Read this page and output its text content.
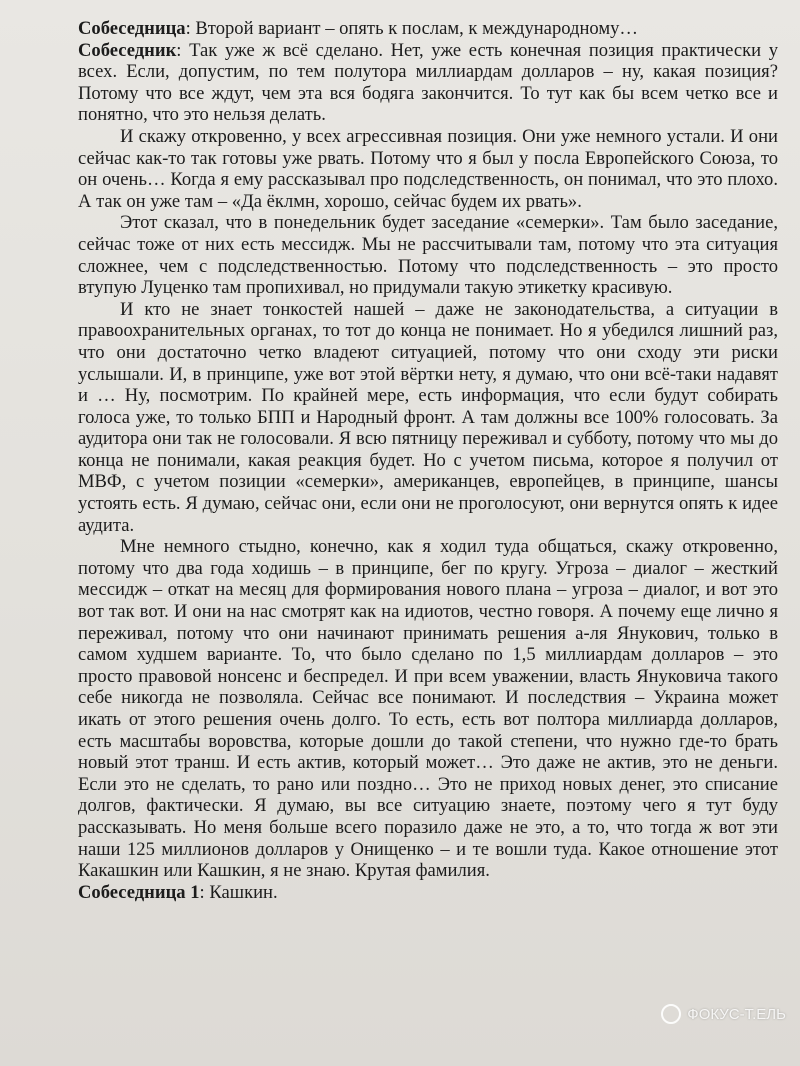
Собеседница: Второй вариант – опять к послам, к международному…

Собеседник: Так уже ж всё сделано. Нет, уже есть конечная позиция практически у всех. Если, допустим, по тем полутора миллиардам долларов – ну, какая позиция? Потому что все ждут, чем эта вся бодяга закончится. То тут как бы всем четко все и понятно, что это нельзя делать.

И скажу откровенно, у всех агрессивная позиция. Они уже немного устали. И они сейчас как-то так готовы уже рвать. Потому что я был у посла Европейского Союза, то он очень… Когда я ему рассказывал про подследственность, он понимал, что это плохо. А так он уже там – «Да ёклмн, хорошо, сейчас будем их рвать».

Этот сказал, что в понедельник будет заседание «семерки». Там было заседание, сейчас тоже от них есть мессидж. Мы не рассчитывали там, потому что эта ситуация сложнее, чем с подследственностью. Потому что подследственность – это просто втупую Луценко там пропихивал, но придумали такую этикетку красивую.

И кто не знает тонкостей нашей – даже не законодательства, а ситуации в правоохранительных органах, то тот до конца не понимает. Но я убедился лишний раз, что они достаточно четко владеют ситуацией, потому что они сходу эти риски услышали. И, в принципе, уже вот этой вёртки нету, я думаю, что они всё-таки надавят и … Ну, посмотрим. По крайней мере, есть информация, что если будут собирать голоса уже, то только БПП и Народный фронт. А там должны все 100% голосовать. За аудитора они так не голосовали. Я всю пятницу переживал и субботу, потому что мы до конца не понимали, какая реакция будет. Но с учетом письма, которое я получил от МВФ, с учетом позиции «семерки», американцев, европейцев, в принципе, шансы устоять есть. Я думаю, сейчас они, если они не проголосуют, они вернутся опять к идее аудита.

Мне немного стыдно, конечно, как я ходил туда общаться, скажу откровенно, потому что два года ходишь – в принципе, бег по кругу. Угроза – диалог – жесткий мессидж – откат на месяц для формирования нового плана – угроза – диалог, и вот это вот так вот. И они на нас смотрят как на идиотов, честно говоря. А почему еще лично я переживал, потому что они начинают принимать решения а-ля Янукович, только в самом худшем варианте. То, что было сделано по 1,5 миллиардам долларов – это просто правовой нонсенс и беспредел. И при всем уважении, власть Януковича такого себе никогда не позволяла. Сейчас все понимают. И последствия – Украина может икать от этого решения очень долго. То есть, есть вот полтора миллиарда долларов, есть масштабы воровства, которые дошли до такой степени, что нужно где-то брать новый этот транш. И есть актив, который может… Это даже не актив, это не деньги. Если это не сделать, то рано или поздно… Это не приход новых денег, это списание долгов, фактически. Я думаю, вы все ситуацию знаете, поэтому чего я тут буду рассказывать. Но меня больше всего поразило даже не это, а то, что тогда ж вот эти наши 125 миллионов долларов у Онищенко – и те вошли туда. Какое отношение этот Какашкин или Кашкин, я не знаю. Крутая фамилия.

Собеседница 1: Кашкин.

ФОКУС-Т.ЕЛЬ
